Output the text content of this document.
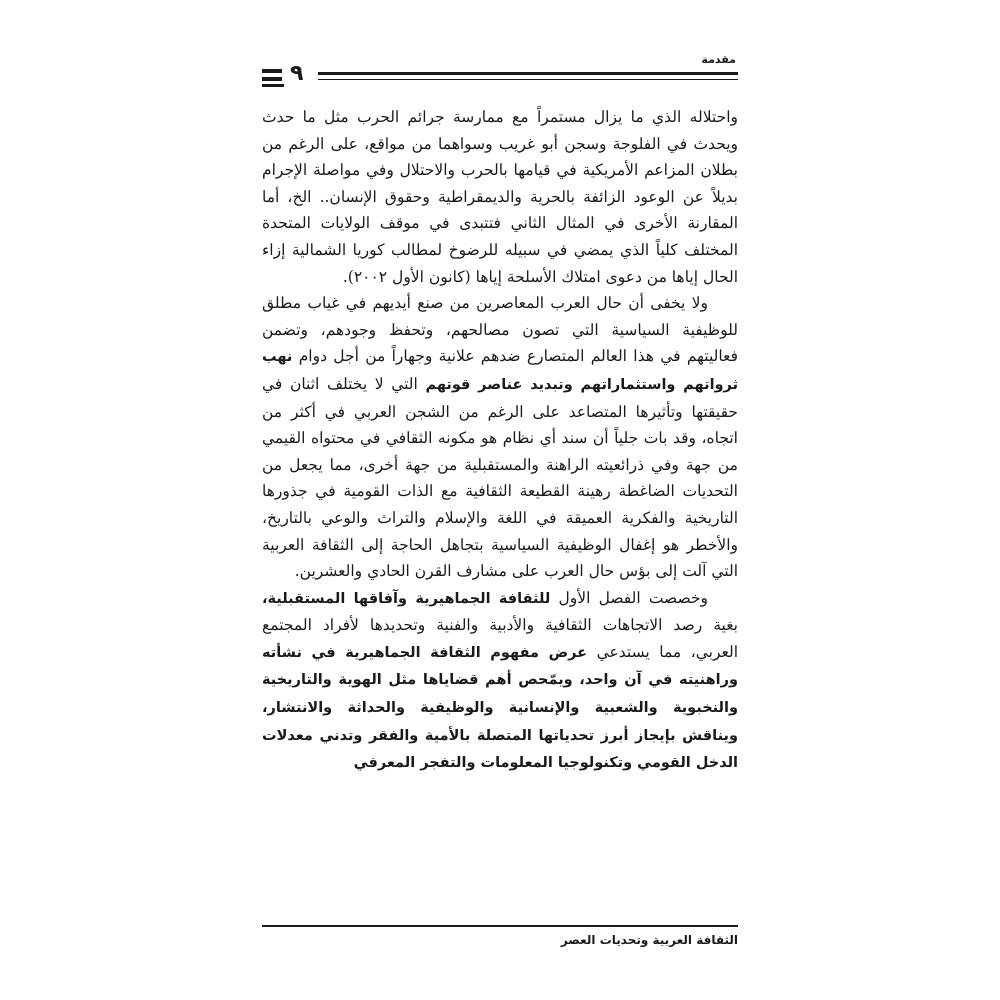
مقدمة
٩

واحتلاله الذي ما يزال مستمراً مع ممارسة جرائم الحرب مثل ما حدث ويحدث في الفلوجة وسجن أبو غريب وسواهما من مواقع، على الرغم من بطلان المزاعم الأمريكية في قيامها بالحرب والاحتلال وفي مواصلة الإجرام بديلاً عن الوعود الزائفة بالحرية والديمقراطية وحقوق الإنسان.. الخ، أما المقارنة الأخرى في المثال الثاني فتتبدى في موقف الولايات المتحدة المختلف كلياً الذي يمضي في سبيله للرضوخ لمطالب كوريا الشمالية إزاء الحال إياها من دعوى امتلاك الأسلحة إياها (كانون الأول ٢٠٠٢).

ولا يخفى أن حال العرب المعاصرين من صنع أيديهم في غياب مطلق للوظيفية السياسية التي تصون مصالحهم، وتحفظ وجودهم، وتضمن فعاليتهم في هذا العالم المتصارع ضدهم علانية وجهاراً من أجل دوام نهب ثرواتهم واستثماراتهم وتبديد عناصر قوتهم التي لا يختلف اثنان في حقيقتها وتأثيرها المتصاعد على الرغم من الشجن العربي في أكثر من اتجاه، وقد بات جلياً أن سند أي نظام هو مكونه الثقافي في محتواه القيمي من جهة وفي ذرائعيته الراهنة والمستقبلية من جهة أخرى، مما يجعل من التحديات الضاغطة رهينة القطيعة الثقافية مع الذات القومية في جذورها التاريخية والفكرية العميقة في اللغة والإسلام والتراث والوعي بالتاريخ، والأخطر هو إغفال الوظيفية السياسية بتجاهل الحاجة إلى الثقافة العربية التي آلت إلى بؤس حال العرب على مشارف القرن الحادي والعشرين.

وخصصت الفصل الأول للثقافة الجماهيرية وآفاقها المستقبلية، بغية رصد الاتجاهات الثقافية والأدبية والفنية وتحديدها لأفراد المجتمع العربي، مما يستدعي عرض مفهوم الثقافة الجماهيرية في نشأته وراهنيته في آن واحد، ويمّحص أهم قضاياها مثل الهوية والتاريخية والنخبوية والشعبية والإنسانية والوظيفية والحداثة والانتشار، ويناقش بإيجاز أبرز تحدياتها المتصلة بالأمية والفقر وتدني معدلات الدخل القومي وتكنولوجيا المعلومات والتفجر المعرفي

الثقافة العربية وتحديات العصر
